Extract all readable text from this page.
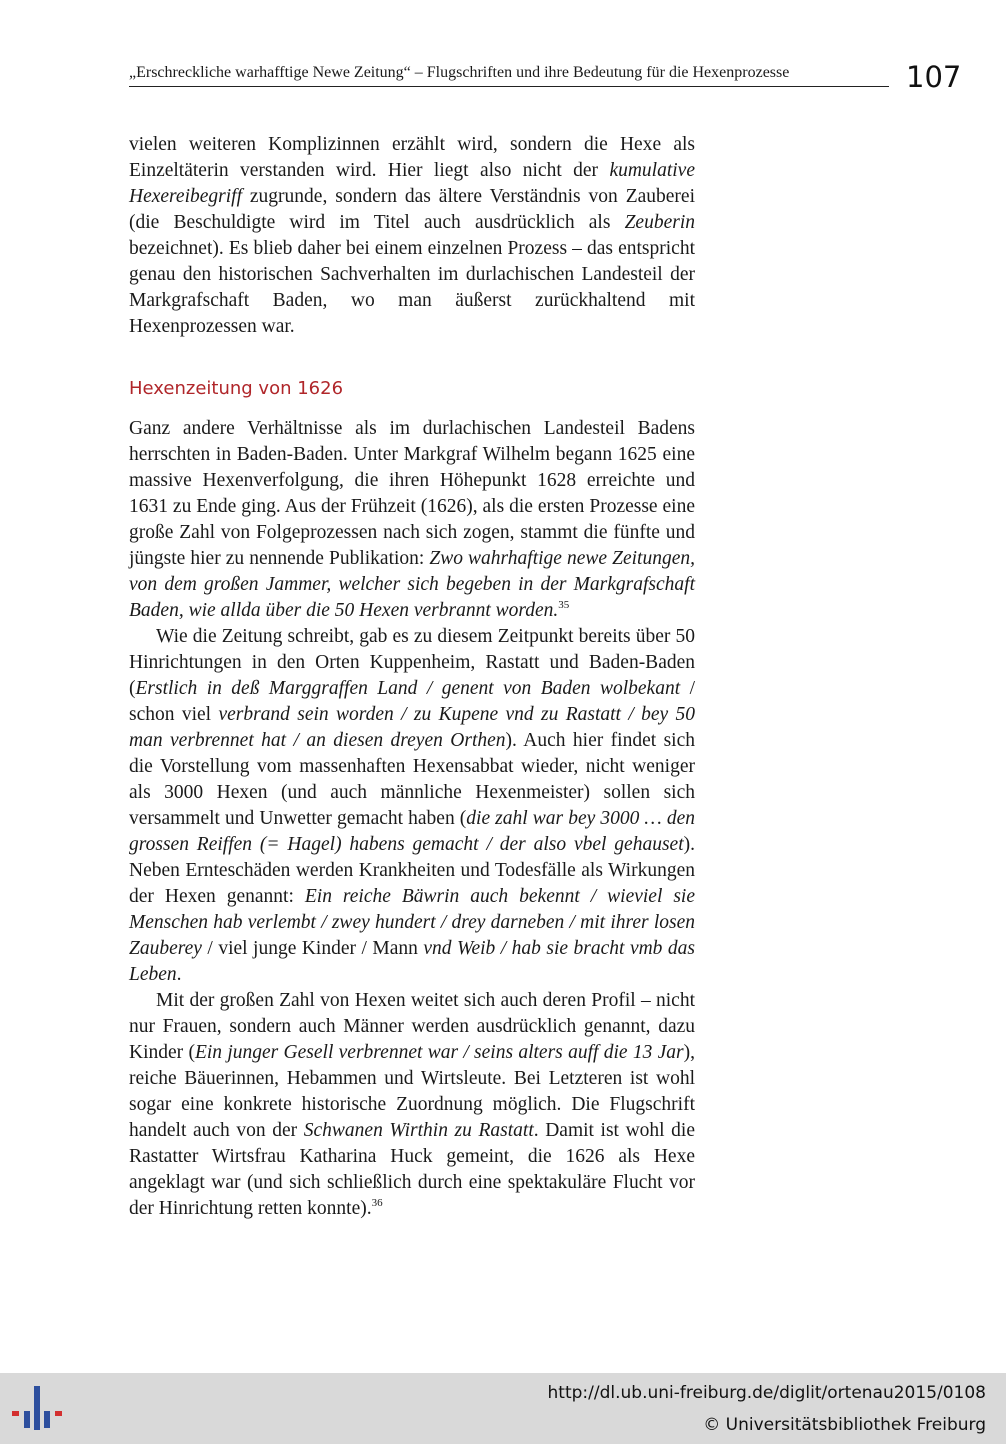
„Erschreckliche warhafftige Newe Zeitung“ – Flugschriften und ihre Bedeutung für die Hexenprozesse	107

vielen weiteren Komplizinnen erzählt wird, sondern die Hexe als Einzeltäterin verstanden wird. Hier liegt also nicht der kumulative Hexereibegriff zugrunde, sondern das ältere Verständnis von Zauberei (die Beschuldigte wird im Titel auch ausdrücklich als Zeuberin bezeichnet). Es blieb daher bei einem einzelnen Prozess – das entspricht genau den historischen Sachverhalten im durlachischen Landesteil der Markgrafschaft Baden, wo man äußerst zurückhaltend mit Hexenprozessen war.

Hexenzeitung von 1626

Ganz andere Verhältnisse als im durlachischen Landesteil Badens herrschten in Baden-Baden. Unter Markgraf Wilhelm begann 1625 eine massive Hexenverfolgung, die ihren Höhepunkt 1628 erreichte und 1631 zu Ende ging. Aus der Frühzeit (1626), als die ersten Prozesse eine große Zahl von Folgeprozessen nach sich zogen, stammt die fünfte und jüngste hier zu nennende Publikation: Zwo wahrhaftige newe Zeitungen, von dem großen Jammer, welcher sich begeben in der Markgrafschaft Baden, wie allda über die 50 Hexen verbrannt worden.$^{35}$

Wie die Zeitung schreibt, gab es zu diesem Zeitpunkt bereits über 50 Hinrichtungen in den Orten Kuppenheim, Rastatt und Baden-Baden (Erstlich in deß Marggraffen Land / genent von Baden wolbekant / schon viel verbrand sein worden / zu Kupene vnd zu Rastatt / bey 50 man verbrennet hat / an diesen dreyen Orthen). Auch hier findet sich die Vorstellung vom massenhaften Hexensabbat wieder, nicht weniger als 3000 Hexen (und auch männliche Hexenmeister) sollen sich versammelt und Unwetter gemacht haben (die zahl war bey 3000 … den grossen Reiffen (= Hagel) habens gemacht / der also vbel gehauset). Neben Ernteschäden werden Krankheiten und Todesfälle als Wirkungen der Hexen genannt: Ein reiche Bäwrin auch bekennt / wieviel sie Menschen hab verlembt / zwey hundert / drey darneben / mit ihrer losen Zauberey / viel junge Kinder / Mann vnd Weib / hab sie bracht vmb das Leben.

Mit der großen Zahl von Hexen weitet sich auch deren Profil – nicht nur Frauen, sondern auch Männer werden ausdrücklich genannt, dazu Kinder (Ein junger Gesell verbrennet war / seins alters auff die 13 Jar), reiche Bäuerinnen, Hebammen und Wirtsleute. Bei Letzteren ist wohl sogar eine konkrete historische Zuordnung möglich. Die Flugschrift handelt auch von der Schwanen Wirthin zu Rastatt. Damit ist wohl die Rastatter Wirtsfrau Katharina Huck gemeint, die 1626 als Hexe angeklagt war (und sich schließlich durch eine spektakuläre Flucht vor der Hinrichtung retten konnte).$^{36}$

http://dl.ub.uni-freiburg.de/diglit/ortenau2015/0108
© Universitätsbibliothek Freiburg
